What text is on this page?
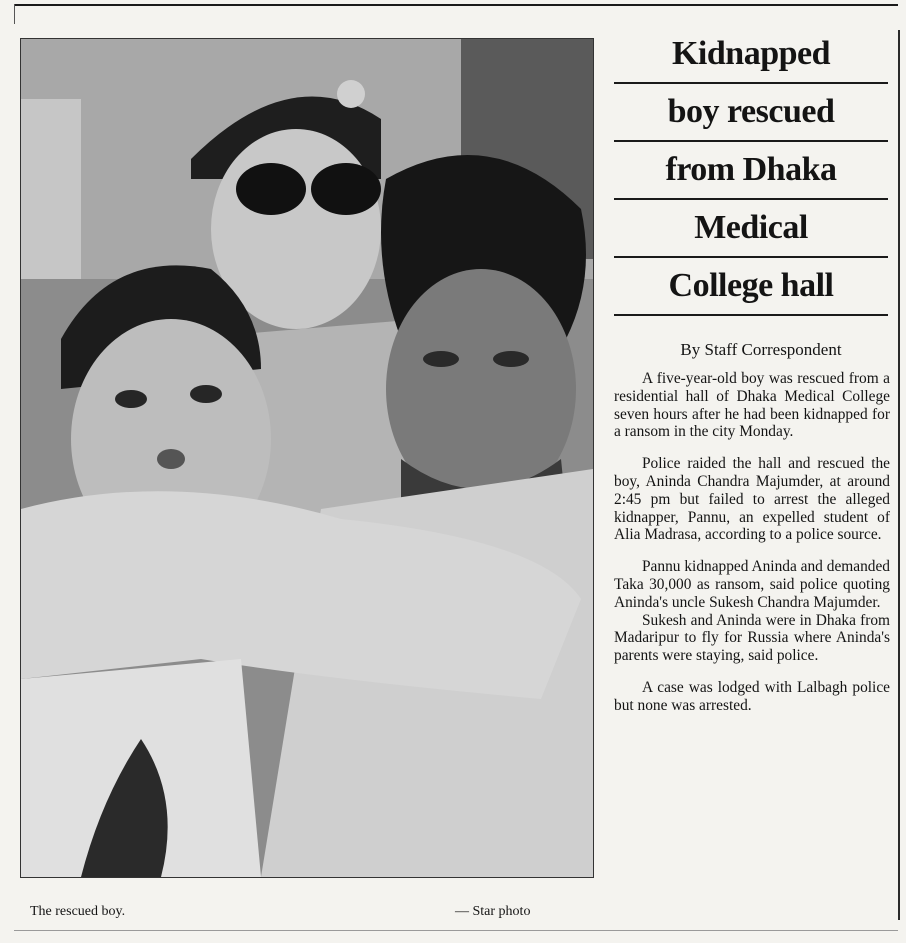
The rescued boy.	— Star photo
Kidnapped
boy rescued
from Dhaka
Medical
College hall
By Staff Correspondent

A five-year-old boy was rescued from a residential hall of Dhaka Medical College seven hours after he had been kidnapped for a ransom in the city Monday.

Police raided the hall and rescued the boy, Aninda Chandra Majumder, at around 2:45 pm but failed to arrest the alleged kidnapper, Pannu, an expelled student of Alia Madrasa, according to a police source.

Pannu kidnapped Aninda and demanded Taka 30,000 as ransom, said police quoting Aninda's uncle Sukesh Chandra Majumder.

Sukesh and Aninda were in Dhaka from Madaripur to fly for Russia where Aninda's parents were staying, said police.

A case was lodged with Lalbagh police but none was arrested.
